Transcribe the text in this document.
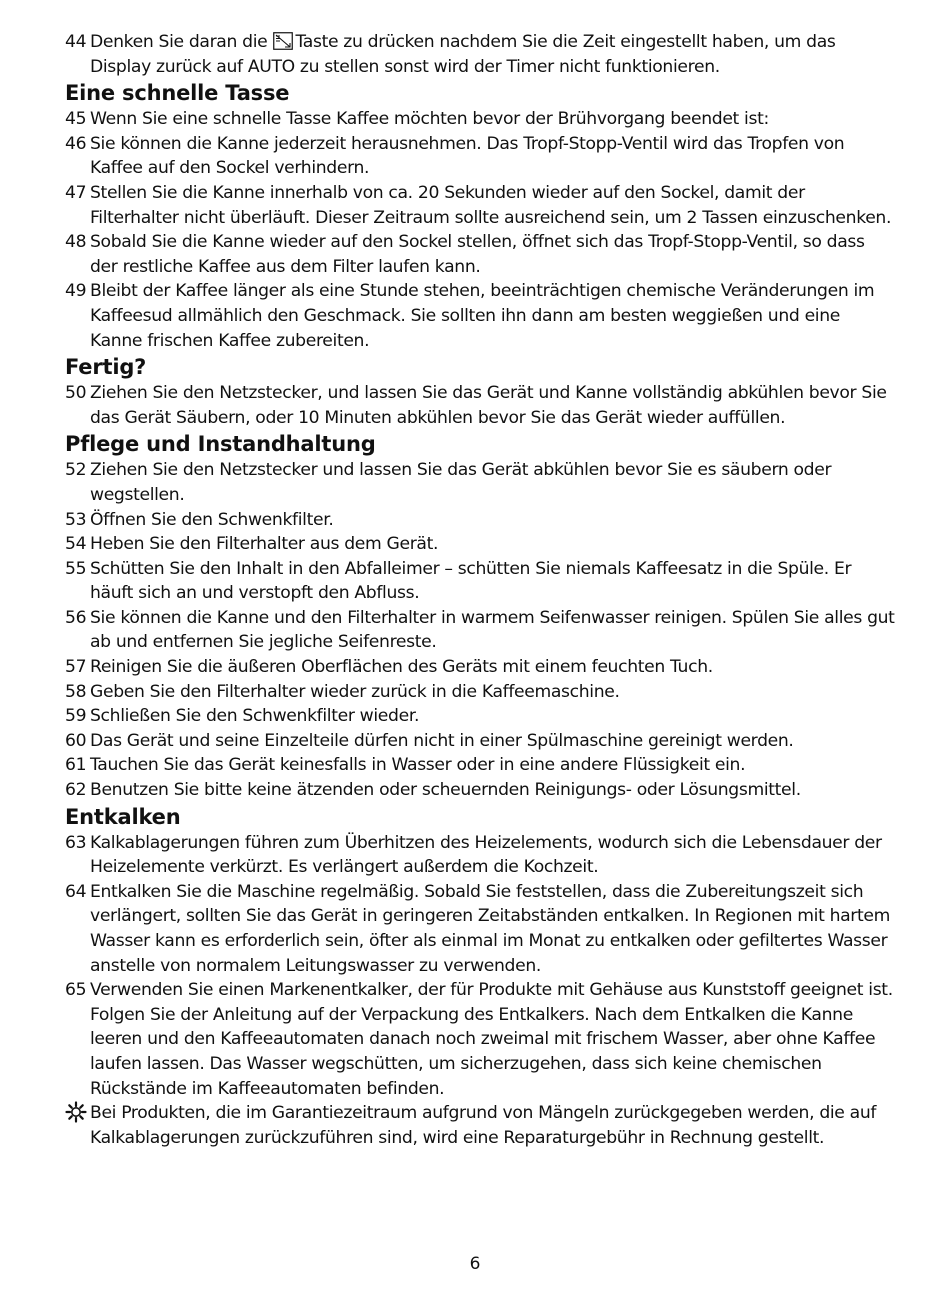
44 Denken Sie daran die Taste zu drücken nachdem Sie die Zeit eingestellt haben, um das Display zurück auf AUTO zu stellen sonst wird der Timer nicht funktionieren.
Eine schnelle Tasse
45 Wenn Sie eine schnelle Tasse Kaffee möchten bevor der Brühvorgang beendet ist:
46 Sie können die Kanne jederzeit herausnehmen. Das Tropf-Stopp-Ventil wird das Tropfen von Kaffee auf den Sockel verhindern.
47 Stellen Sie die Kanne innerhalb von ca. 20 Sekunden wieder auf den Sockel, damit der Filterhalter nicht überläuft. Dieser Zeitraum sollte ausreichend sein, um 2 Tassen einzuschenken.
48 Sobald Sie die Kanne wieder auf den Sockel stellen, öffnet sich das Tropf-Stopp-Ventil, so dass der restliche Kaffee aus dem Filter laufen kann.
49 Bleibt der Kaffee länger als eine Stunde stehen, beeinträchtigen chemische Veränderungen im Kaffeesud allmählich den Geschmack. Sie sollten ihn dann am besten weggießen und eine Kanne frischen Kaffee zubereiten.
Fertig?
50 Ziehen Sie den Netzstecker, und lassen Sie das Gerät und Kanne vollständig abkühlen bevor Sie das Gerät Säubern, oder 10 Minuten abkühlen bevor Sie das Gerät wieder auffüllen.
Pflege und Instandhaltung
52 Ziehen Sie den Netzstecker und lassen Sie das Gerät abkühlen bevor Sie es säubern oder wegstellen.
53 Öffnen Sie den Schwenkfilter.
54 Heben Sie den Filterhalter aus dem Gerät.
55 Schütten Sie den Inhalt in den Abfalleimer – schütten Sie niemals Kaffeesatz in die Spüle. Er häuft sich an und verstopft den Abfluss.
56 Sie können die Kanne und den Filterhalter in warmem Seifenwasser reinigen. Spülen Sie alles gut ab und entfernen Sie jegliche Seifenreste.
57 Reinigen Sie die äußeren Oberflächen des Geräts mit einem feuchten Tuch.
58 Geben Sie den Filterhalter wieder zurück in die Kaffeemaschine.
59 Schließen Sie den Schwenkfilter wieder.
60 Das Gerät und seine Einzelteile dürfen nicht in einer Spülmaschine gereinigt werden.
61 Tauchen Sie das Gerät keinesfalls in Wasser oder in eine andere Flüssigkeit ein.
62 Benutzen Sie bitte keine ätzenden oder scheuernden Reinigungs- oder Lösungsmittel.
Entkalken
63 Kalkablagerungen führen zum Überhitzen des Heizelements, wodurch sich die Lebensdauer der Heizelemente verkürzt. Es verlängert außerdem die Kochzeit.
64 Entkalken Sie die Maschine regelmäßig. Sobald Sie feststellen, dass die Zubereitungszeit sich verlängert, sollten Sie das Gerät in geringeren Zeitabständen entkalken. In Regionen mit hartem Wasser kann es erforderlich sein, öfter als einmal im Monat zu entkalken oder gefiltertes Wasser anstelle von normalem Leitungswasser zu verwenden.
65 Verwenden Sie einen Markenentkalker, der für Produkte mit Gehäuse aus Kunststoff geeignet ist. Folgen Sie der Anleitung auf der Verpackung des Entkalkers. Nach dem Entkalken die Kanne leeren und den Kaffeeautomaten danach noch zweimal mit frischem Wasser, aber ohne Kaffee laufen lassen. Das Wasser wegschütten, um sicherzugehen, dass sich keine chemischen Rückstände im Kaffeeautomaten befinden.
Bei Produkten, die im Garantiezeitraum aufgrund von Mängeln zurückgegeben werden, die auf Kalkablagerungen zurückzuführen sind, wird eine Reparaturgebühr in Rechnung gestellt.
6
